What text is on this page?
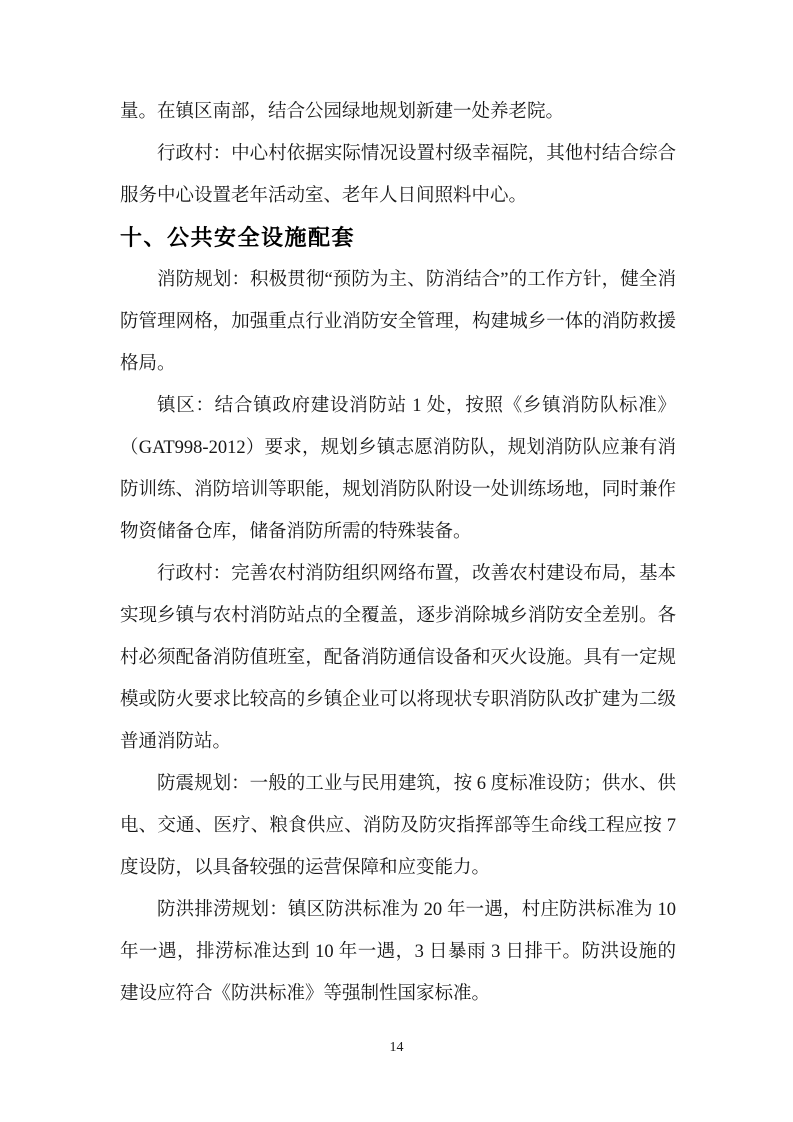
量。在镇区南部，结合公园绿地规划新建一处养老院。

行政村：中心村依据实际情况设置村级幸福院，其他村结合综合服务中心设置老年活动室、老年人日间照料中心。

十、公共安全设施配套

消防规划：积极贯彻“预防为主、防消结合”的工作方针，健全消防管理网格，加强重点行业消防安全管理，构建城乡一体的消防救援格局。

镇区：结合镇政府建设消防站 1 处，按照《乡镇消防队标准》（GAT998-2012）要求，规划乡镇志愿消防队，规划消防队应兼有消防训练、消防培训等职能，规划消防队附设一处训练场地，同时兼作物资储备仓库，储备消防所需的特殊装备。

行政村：完善农村消防组织网络布置，改善农村建设布局，基本实现乡镇与农村消防站点的全覆盖，逐步消除城乡消防安全差别。各村必须配备消防值班室，配备消防通信设备和灭火设施。具有一定规模或防火要求比较高的乡镇企业可以将现状专职消防队改扩建为二级普通消防站。

防震规划：一般的工业与民用建筑，按 6 度标准设防；供水、供电、交通、医疗、粮食供应、消防及防灾指挥部等生命线工程应按 7 度设防，以具备较强的运营保障和应变能力。

防洪排涝规划：镇区防洪标准为 20 年一遇，村庄防洪标准为 10 年一遇，排涝标准达到 10 年一遇，3 日暴雨 3 日排干。防洪设施的建设应符合《防洪标准》等强制性国家标准。

14
